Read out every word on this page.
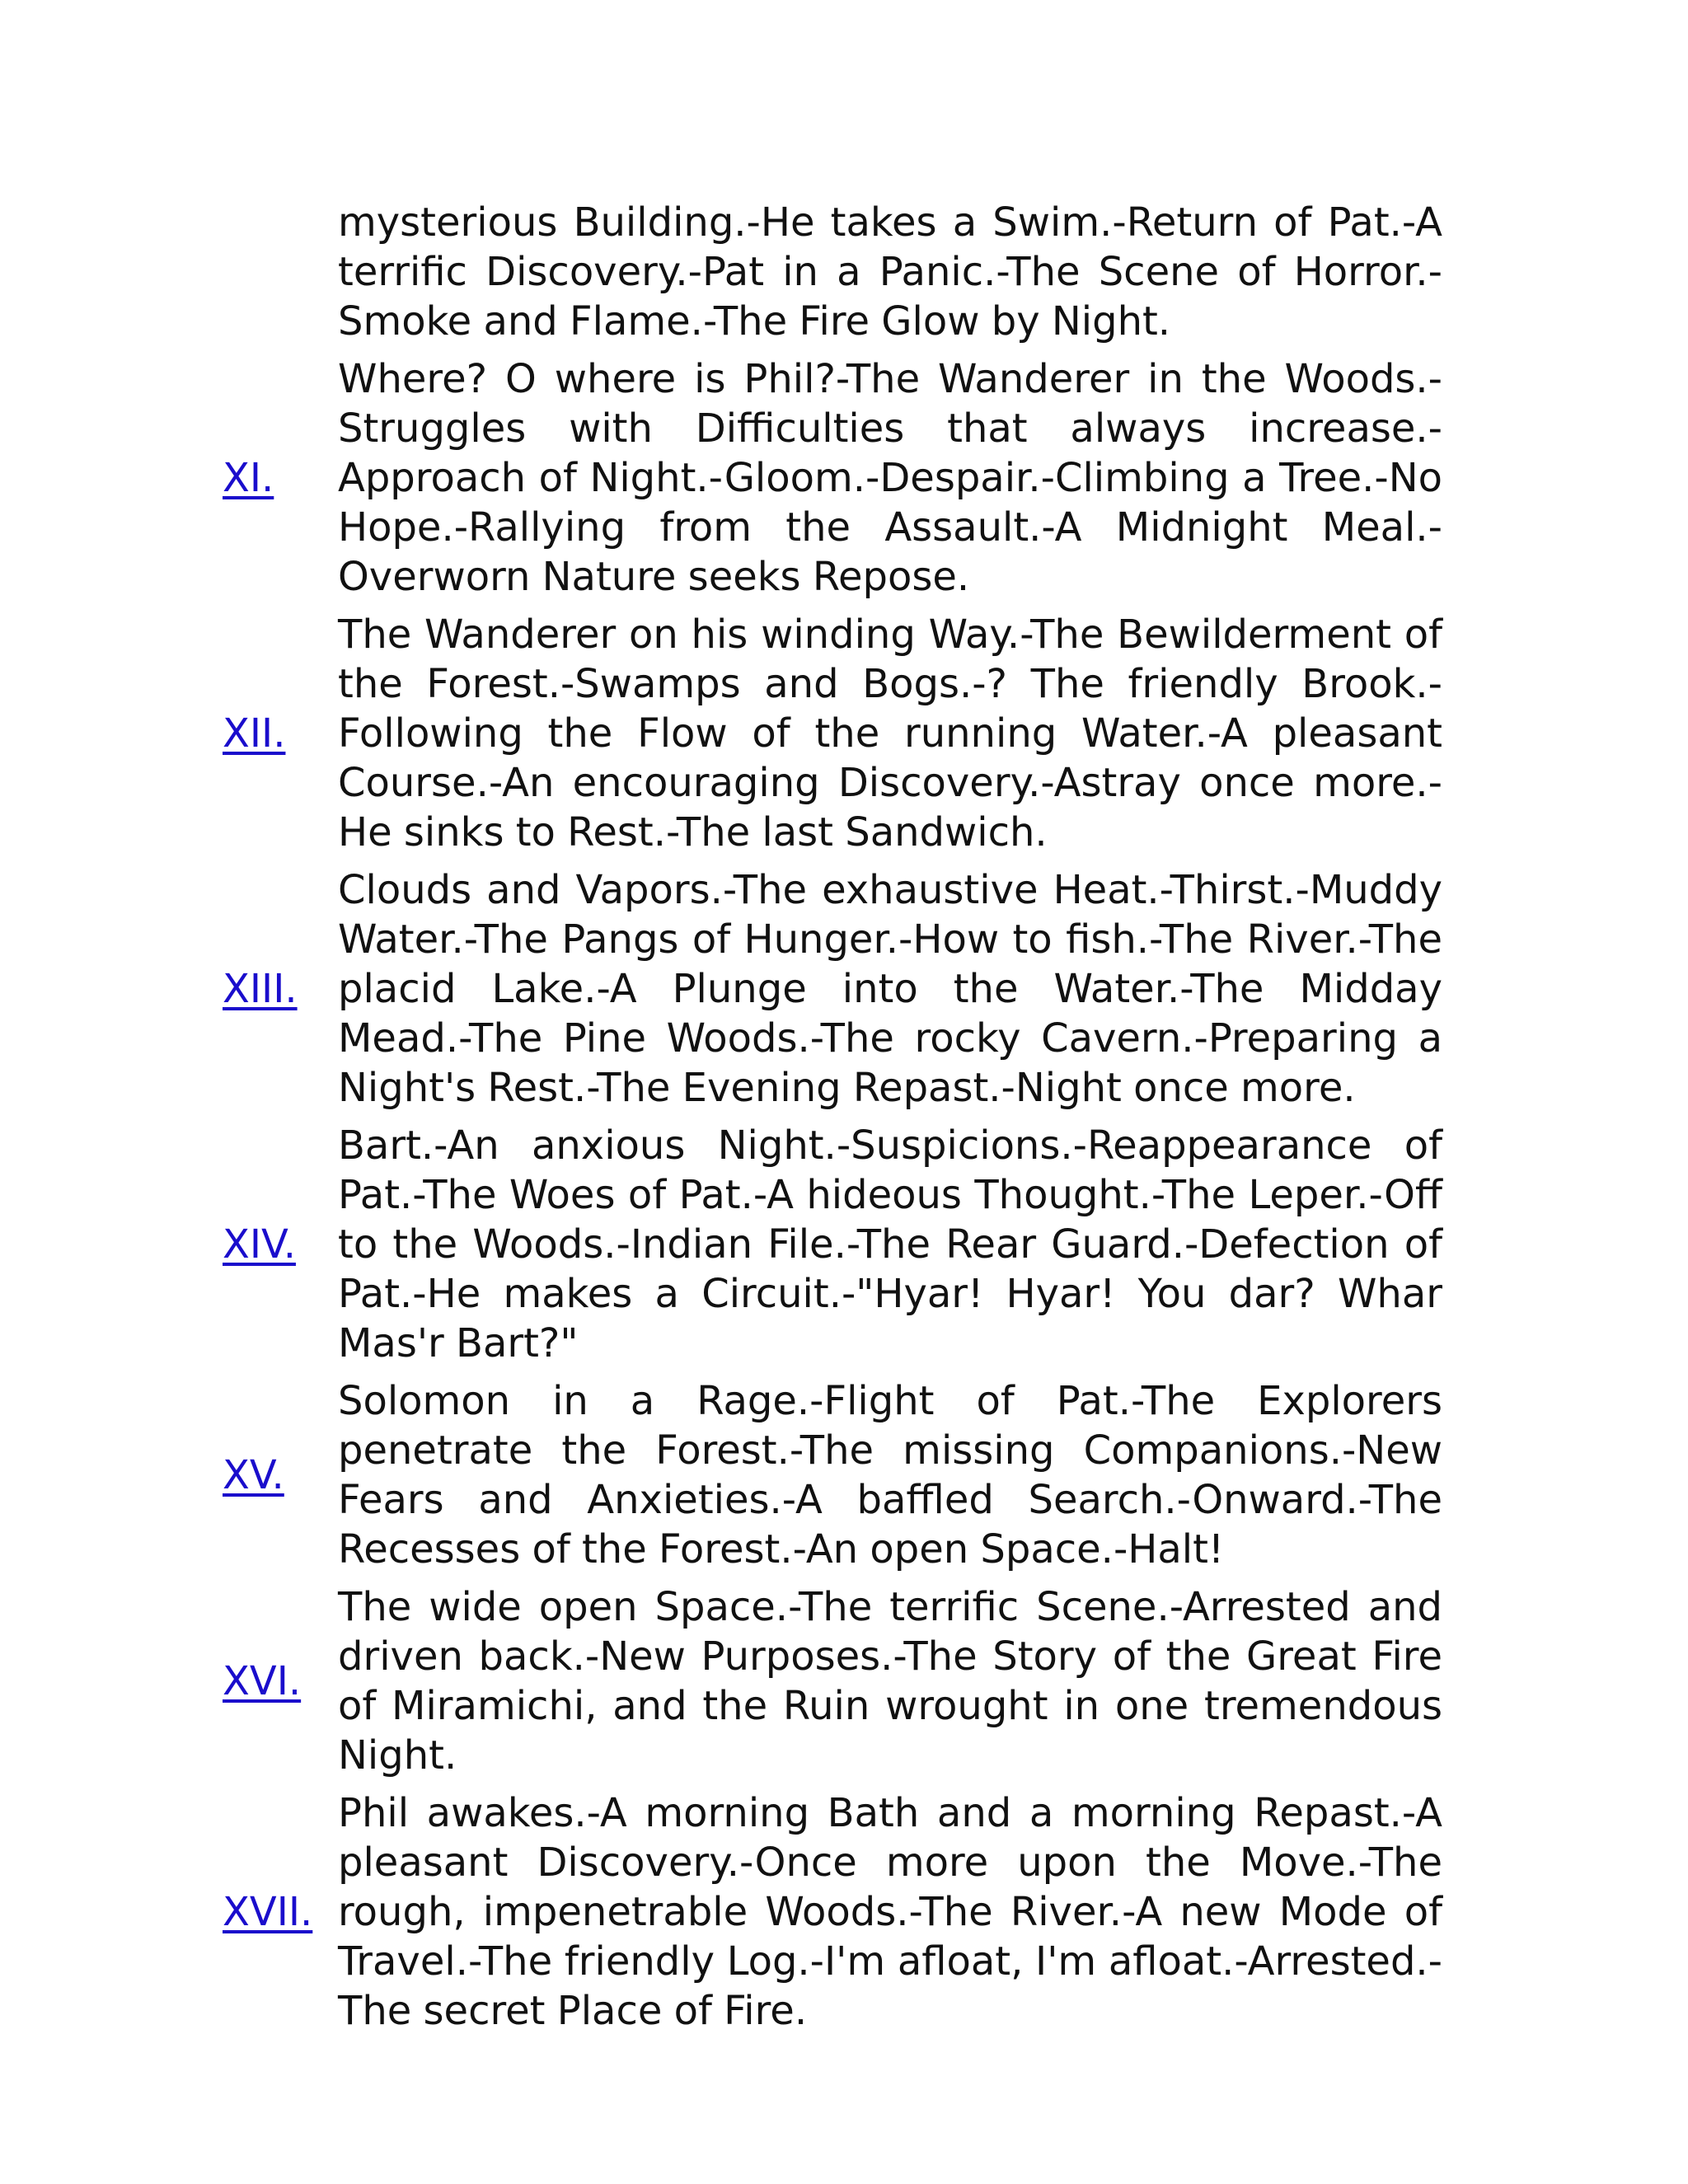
mysterious Building.-He takes a Swim.-Return of Pat.-A terrific Discovery.-Pat in a Panic.-The Scene of Horror.-Smoke and Flame.-The Fire Glow by Night.
XI.
Where? O where is Phil?-The Wanderer in the Woods.-Struggles with Difficulties that always increase.-Approach of Night.-Gloom.-Despair.-Climbing a Tree.-No Hope.-Rallying from the Assault.-A Midnight Meal.-Overworn Nature seeks Repose.
XII.
The Wanderer on his winding Way.-The Bewilderment of the Forest.-Swamps and Bogs.-? The friendly Brook.-Following the Flow of the running Water.-A pleasant Course.-An encouraging Discovery.-Astray once more.-He sinks to Rest.-The last Sandwich.
XIII.
Clouds and Vapors.-The exhaustive Heat.-Thirst.-Muddy Water.-The Pangs of Hunger.-How to fish.-The River.-The placid Lake.-A Plunge into the Water.-The Midday Mead.-The Pine Woods.-The rocky Cavern.-Preparing a Night's Rest.-The Evening Repast.-Night once more.
XIV.
Bart.-An anxious Night.-Suspicions.-Reappearance of Pat.-The Woes of Pat.-A hideous Thought.-The Leper.-Off to the Woods.-Indian File.-The Rear Guard.-Defection of Pat.-He makes a Circuit.-"Hyar! Hyar! You dar? Whar Mas'r Bart?"
XV.
Solomon in a Rage.-Flight of Pat.-The Explorers penetrate the Forest.-The missing Companions.-New Fears and Anxieties.-A baffled Search.-Onward.-The Recesses of the Forest.-An open Space.-Halt!
XVI.
The wide open Space.-The terrific Scene.-Arrested and driven back.-New Purposes.-The Story of the Great Fire of Miramichi, and the Ruin wrought in one tremendous Night.
XVII.
Phil awakes.-A morning Bath and a morning Repast.-A pleasant Discovery.-Once more upon the Move.-The rough, impenetrable Woods.-The River.-A new Mode of Travel.-The friendly Log.-I'm afloat, I'm afloat.-Arrested.-The secret Place of Fire.
